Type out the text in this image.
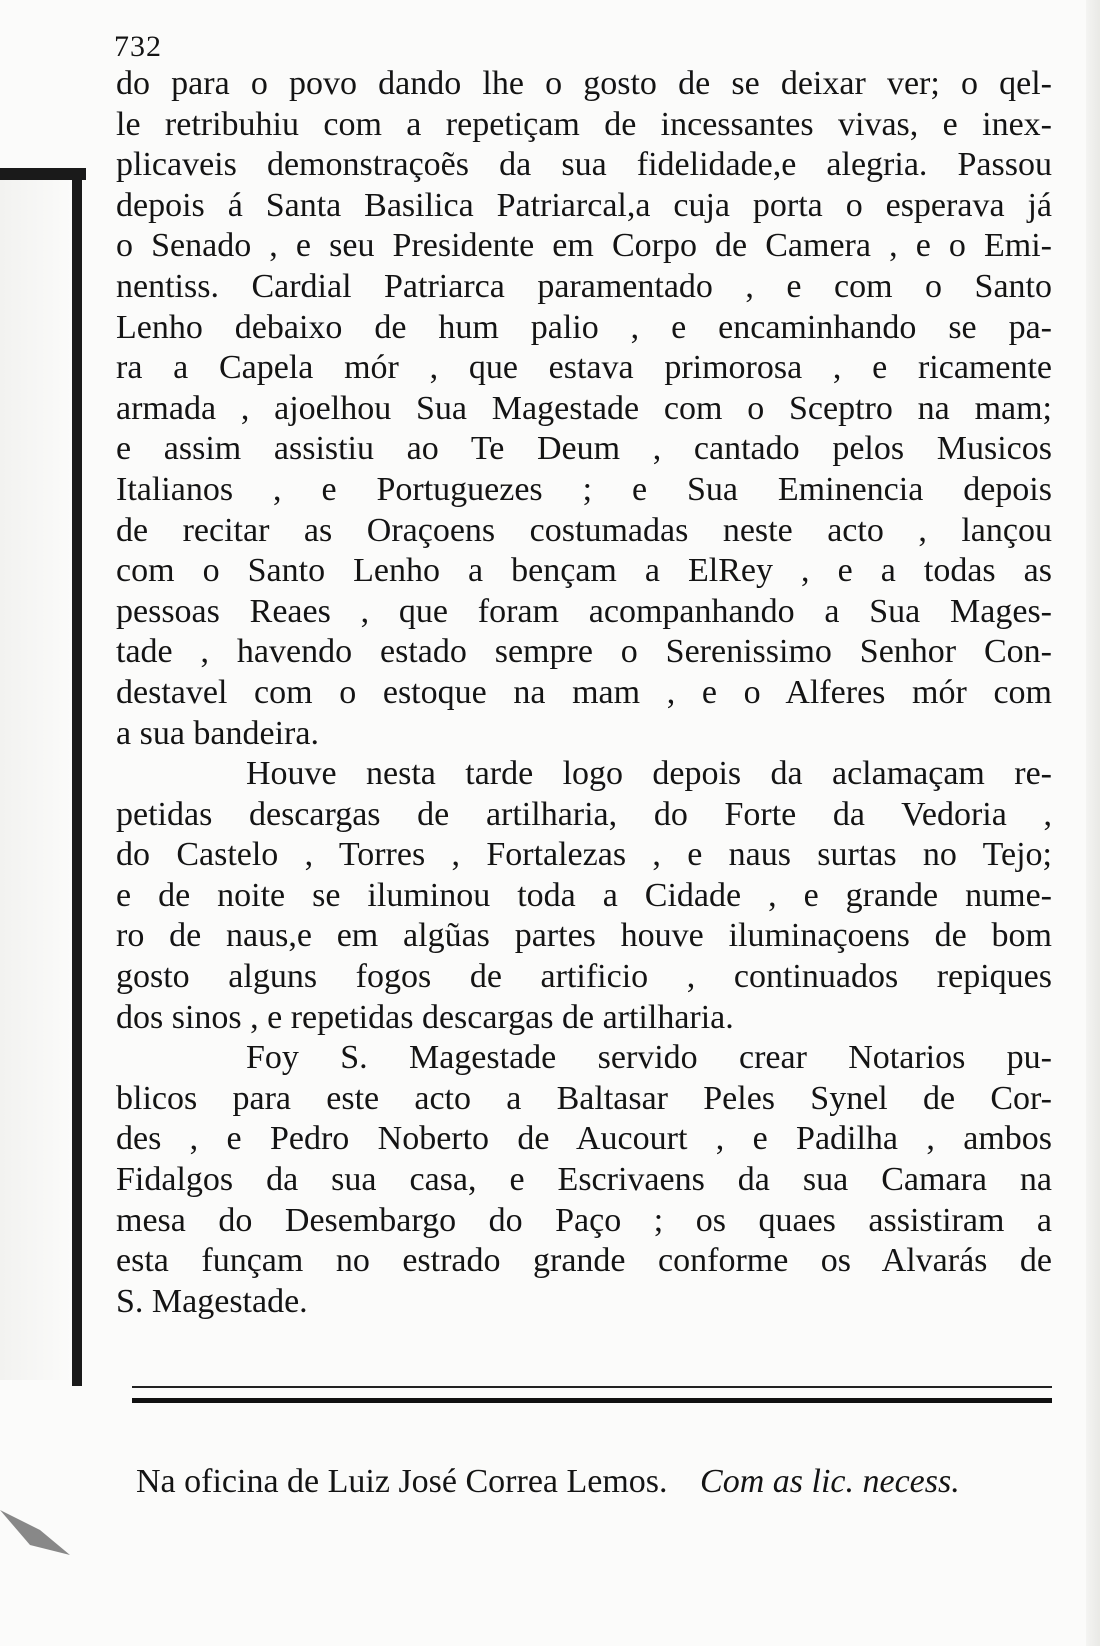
732
do para o povo dando lhe o gosto de se deixar ver; o qel-
le retribuhiu com a repetiçam de incessantes vivas, e inex-
plicaveis demonstraçoẽs da sua fidelidade,e alegria. Passou
depois á Santa Basilica Patriarcal,a cuja porta o esperava já
o Senado , e seu Presidente em Corpo de Camera , e o Emi-
nentiss. Cardial Patriarca paramentado , e com o Santo
Lenho debaixo de hum palio , e encaminhando se pa-
ra a Capela mór , que estava primorosa , e ricamente
armada , ajoelhou Sua Magestade com o Sceptro na mam;
e assim assistiu ao Te Deum , cantado pelos Musicos
Italianos , e Portuguezes ; e Sua Eminencia depois
de recitar as Oraçoens costumadas neste acto , lançou
com o Santo Lenho a bençam a ElRey , e a todas as
pessoas Reaes , que foram acompanhando a Sua Mages-
tade , havendo estado sempre o Serenissimo Senhor Con-
destavel com o estoque na mam , e o Alferes mór com
a sua bandeira.
Houve nesta tarde logo depois da aclamaçam re-
petidas descargas de artilharia, do Forte da Vedoria ,
do Castelo , Torres , Fortalezas , e naus surtas no Tejo;
e de noite se iluminou toda a Cidade , e grande nume-
ro de naus,e em algũas partes houve iluminaçoens de bom
gosto alguns fogos de artificio , continuados repiques
dos sinos , e repetidas descargas de artilharia.
Foy S. Magestade servido crear Notarios pu-
blicos para este acto a Baltasar Peles Synel de Cor-
des , e Pedro Noberto de Aucourt , e Padilha , ambos
Fidalgos da sua casa, e Escrivaens da sua Camara na
mesa do Desembargo do Paço ; os quaes assistiram a
esta funçam no estrado grande conforme os Alvarás de
S. Magestade.
Na oficina de Luiz José Correa Lemos. Com as lic. necess.
